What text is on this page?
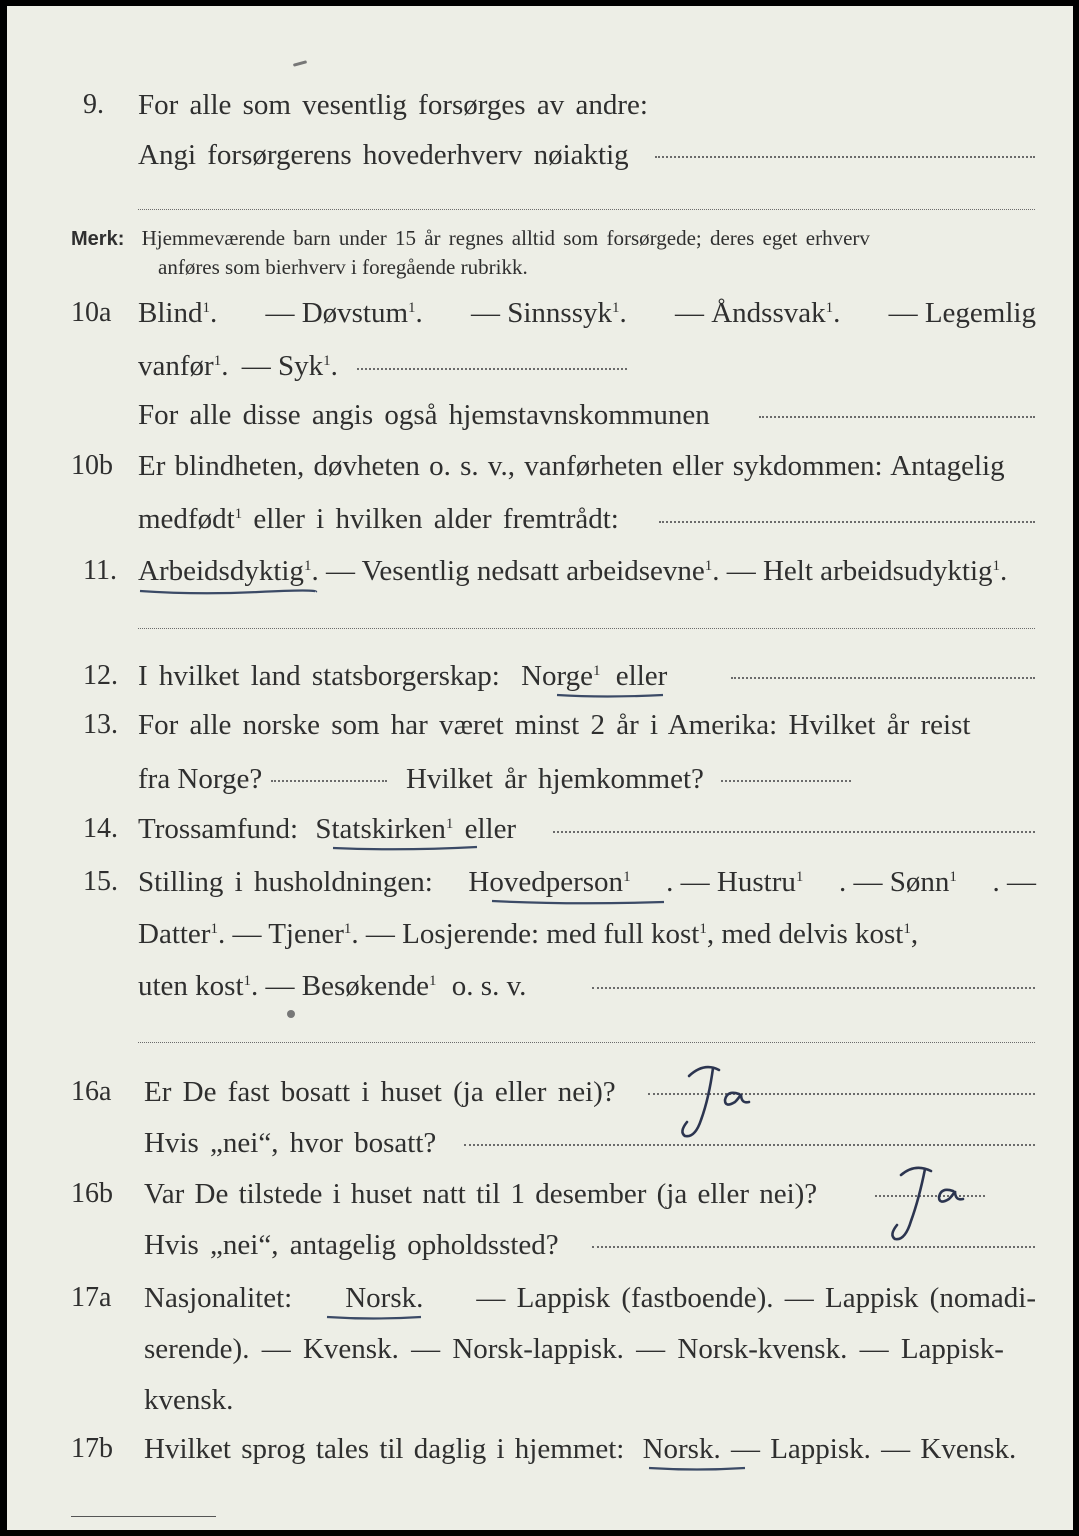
9. For alle som vesentlig forsørges av andre:
Angi forsørgerens hovederhverv nøiaktig
Merk: Hjemmeværende barn under 15 år regnes alltid som forsørgede; deres eget erhverv
anføres som bierhverv i foregående rubrikk.
10a Blind$^1$. — Døvstum$^1$. — Sinnssyk$^1$. — Åndssvak$^1$. — Legemlig
vanfør$^1$. — Syk$^1$.
For alle disse angis også hjemstavnskommunen
10b Er blindheten, døvheten o. s. v., vanførheten eller sykdommen: Antagelig
medfødt$^1$ eller i hvilken alder fremtrådt:
11. Arbeidsdyktig$^1$. — Vesentlig nedsatt arbeidsevne$^1$. — Helt arbeidsudyktig$^1$.
12. I hvilket land statsborgerskap: Norge$^1$ eller
13. For alle norske som har været minst 2 år i Amerika: Hvilket år reist
fra Norge?	Hvilket år hjemkommet?
14. Trossamfund: Statskirken$^1$ eller
15. Stilling i husholdningen: Hovedperson$^1$ . — Hustru$^1$ . — Sønn$^1$ . —
Datter$^1$. — Tjener$^1$. — Losjerende: med full kost$^1$, med delvis kost$^1$,
uten kost$^1$. — Besøkende$^1$ o. s. v.
16a Er De fast bosatt i huset (ja eller nei)?
Hvis „nei“, hvor bosatt?
16b Var De tilstede i huset natt til 1 desember (ja eller nei)?
Hvis „nei“, antagelig opholdssted?
17a Nasjonalitet: Norsk. — Lappisk (fastboende). — Lappisk (nomadi-
serende). — Kvensk. — Norsk-lappisk. — Norsk-kvensk. — Lappisk-
kvensk.
17b Hvilket sprog tales til daglig i hjemmet: Norsk. — Lappisk. — Kvensk.
